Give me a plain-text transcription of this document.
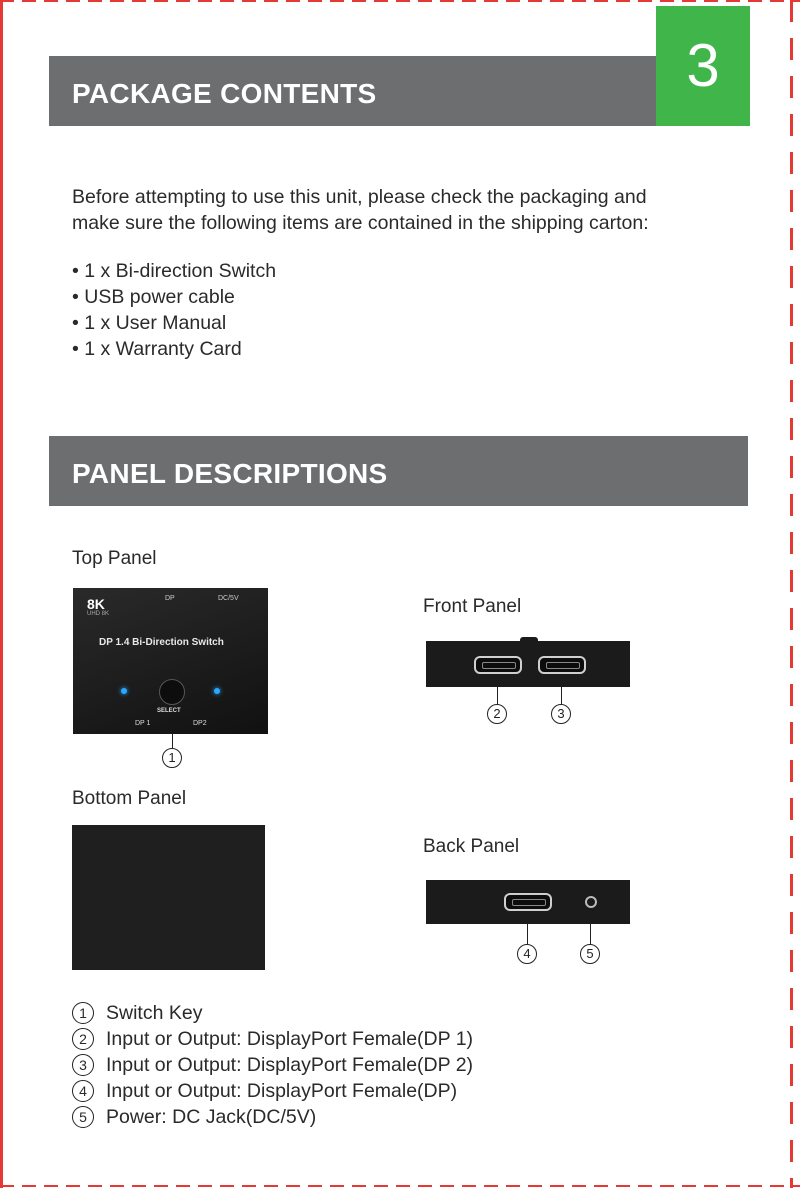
PACKAGE CONTENTS	3
Before attempting to use this unit, please check the packaging and
make sure the following items are contained in the shipping carton:
• 1 x Bi-direction Switch
• USB power cable
• 1 x User Manual
• 1 x Warranty Card
PANEL DESCRIPTIONS
Top Panel
Front Panel
Bottom Panel
Back Panel
8K
UHD 8K
DP	DC/5V
DP 1.4 Bi-Direction Switch
SELECT
DP 1	DP2
1
2	3
4	5
1 Switch Key
2 Input or Output: DisplayPort Female(DP 1)
3 Input or Output: DisplayPort Female(DP 2)
4 Input or Output: DisplayPort Female(DP)
5 Power: DC Jack(DC/5V)
